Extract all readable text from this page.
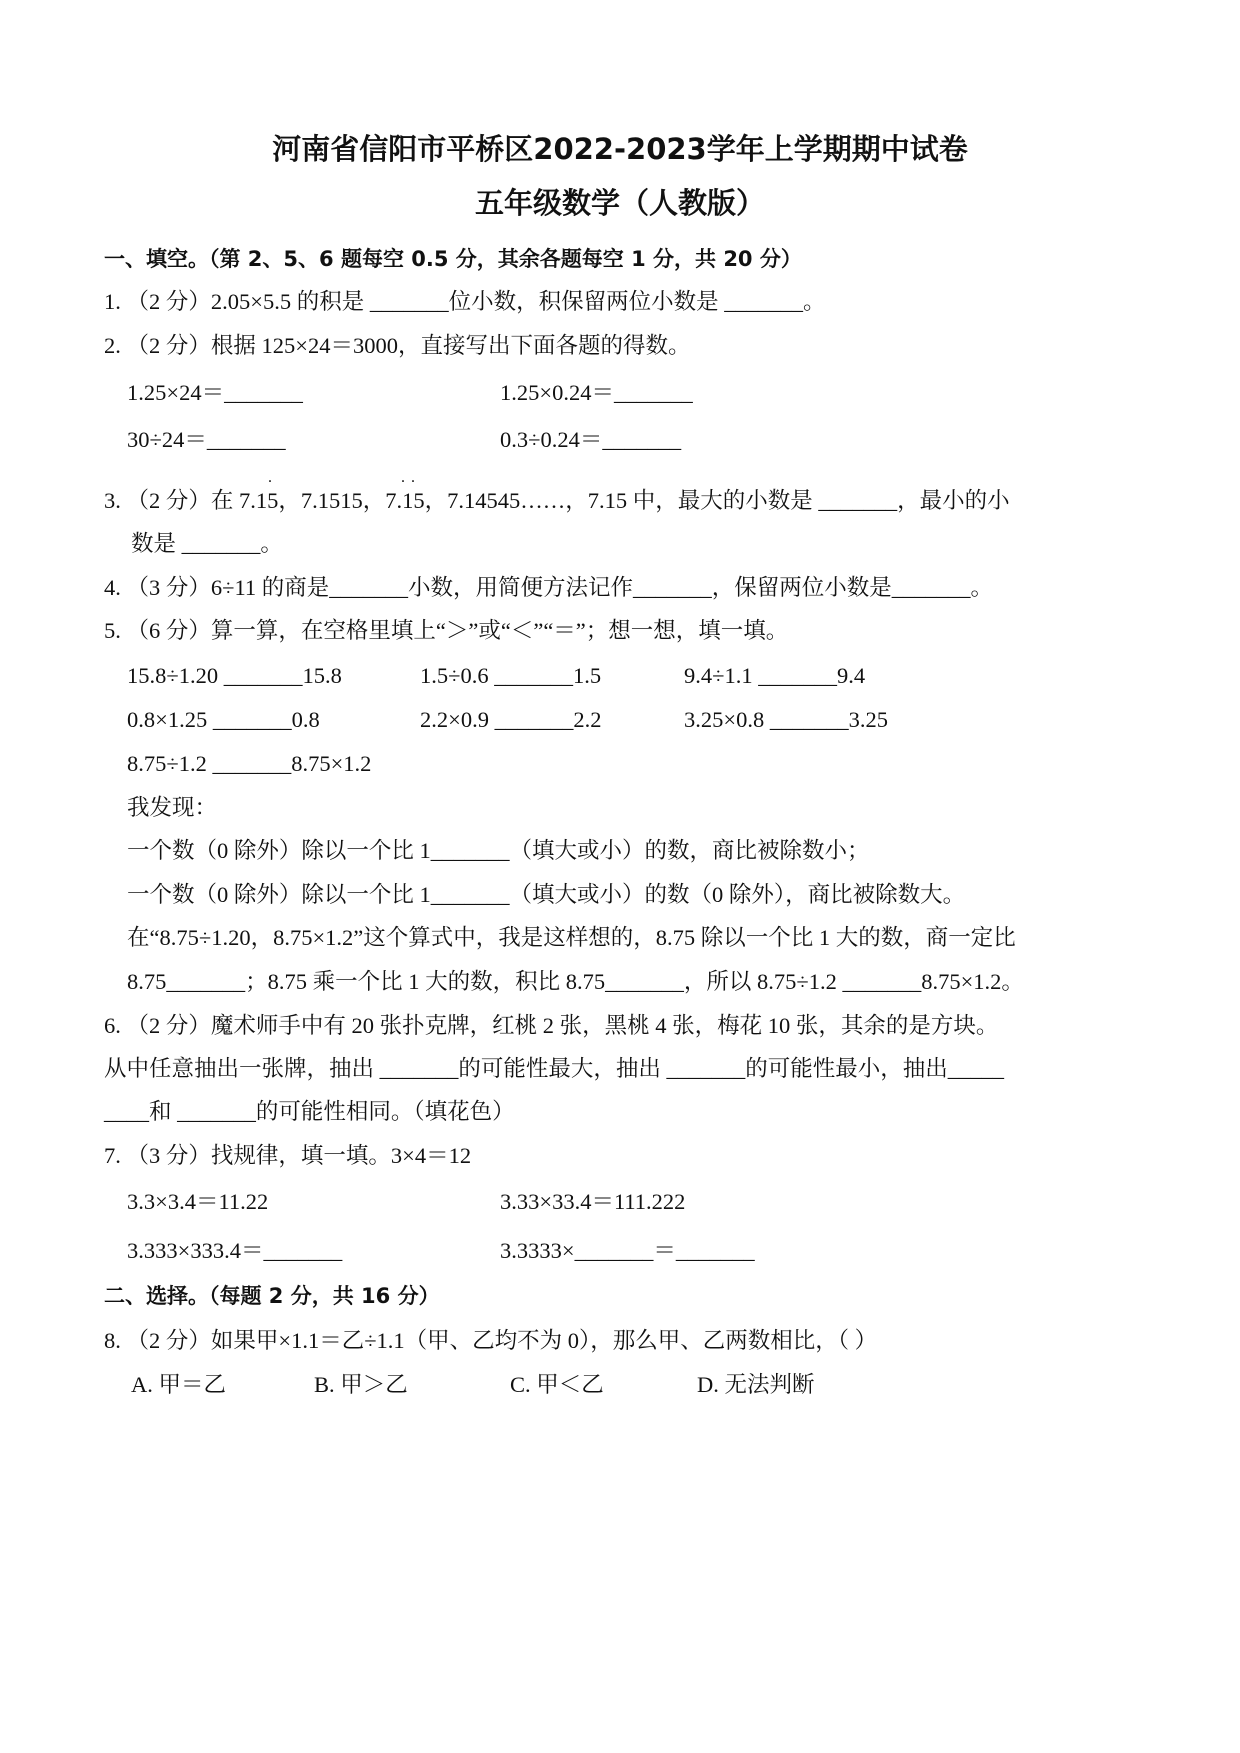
河南省信阳市平桥区2022-2023学年上学期期中试卷
五年级数学（人教版）
一、填空。（第 2、5、6 题每空 0.5 分，其余各题每空 1 分，共 20 分）
1. （2 分）2.05×5.5 的积是 _______位小数，积保留两位小数是 _______。
2. （2 分）根据 125×24＝3000，直接写出下面各题的得数。
1.25×24＝_______	1.25×0.24＝_______
30÷24＝_______	0.3÷0.24＝_______
.	. .
3. （2 分）在 7.15，7.1515，7.15，7.14545……，7.15 中，最大的小数是 _______，最小的小
数是 _______。
4. （3 分）6÷11 的商是_______小数，用简便方法记作_______，保留两位小数是_______。
5. （6 分）算一算，在空格里填上“＞”或“＜”“＝”；想一想，填一填。
15.8÷1.20 _______15.8	1.5÷0.6 _______1.5	9.4÷1.1 _______9.4
0.8×1.25 _______0.8	2.2×0.9 _______2.2	3.25×0.8 _______3.25
8.75÷1.2 _______8.75×1.2
我发现：
一个数（0 除外）除以一个比 1_______（填大或小）的数，商比被除数小；
一个数（0 除外）除以一个比 1_______（填大或小）的数（0 除外），商比被除数大。
在“8.75÷1.20，8.75×1.2”这个算式中，我是这样想的，8.75 除以一个比 1 大的数，商一定比
8.75_______；8.75 乘一个比 1 大的数，积比 8.75_______，所以 8.75÷1.2 _______8.75×1.2。
6. （2 分）魔术师手中有 20 张扑克牌，红桃 2 张，黑桃 4 张，梅花 10 张，其余的是方块。
从中任意抽出一张牌，抽出 _______的可能性最大，抽出 _______的可能性最小，抽出_____
____和 _______的可能性相同。（填花色）
7. （3 分）找规律，填一填。3×4＝12
3.3×3.4＝11.22	3.33×33.4＝111.222
3.333×333.4＝_______	3.3333×_______＝_______
二、选择。（每题 2 分，共 16 分）
8. （2 分）如果甲×1.1＝乙÷1.1（甲、乙均不为 0），那么甲、乙两数相比，（ ）
A. 甲＝乙	B. 甲＞乙	C. 甲＜乙	D. 无法判断
